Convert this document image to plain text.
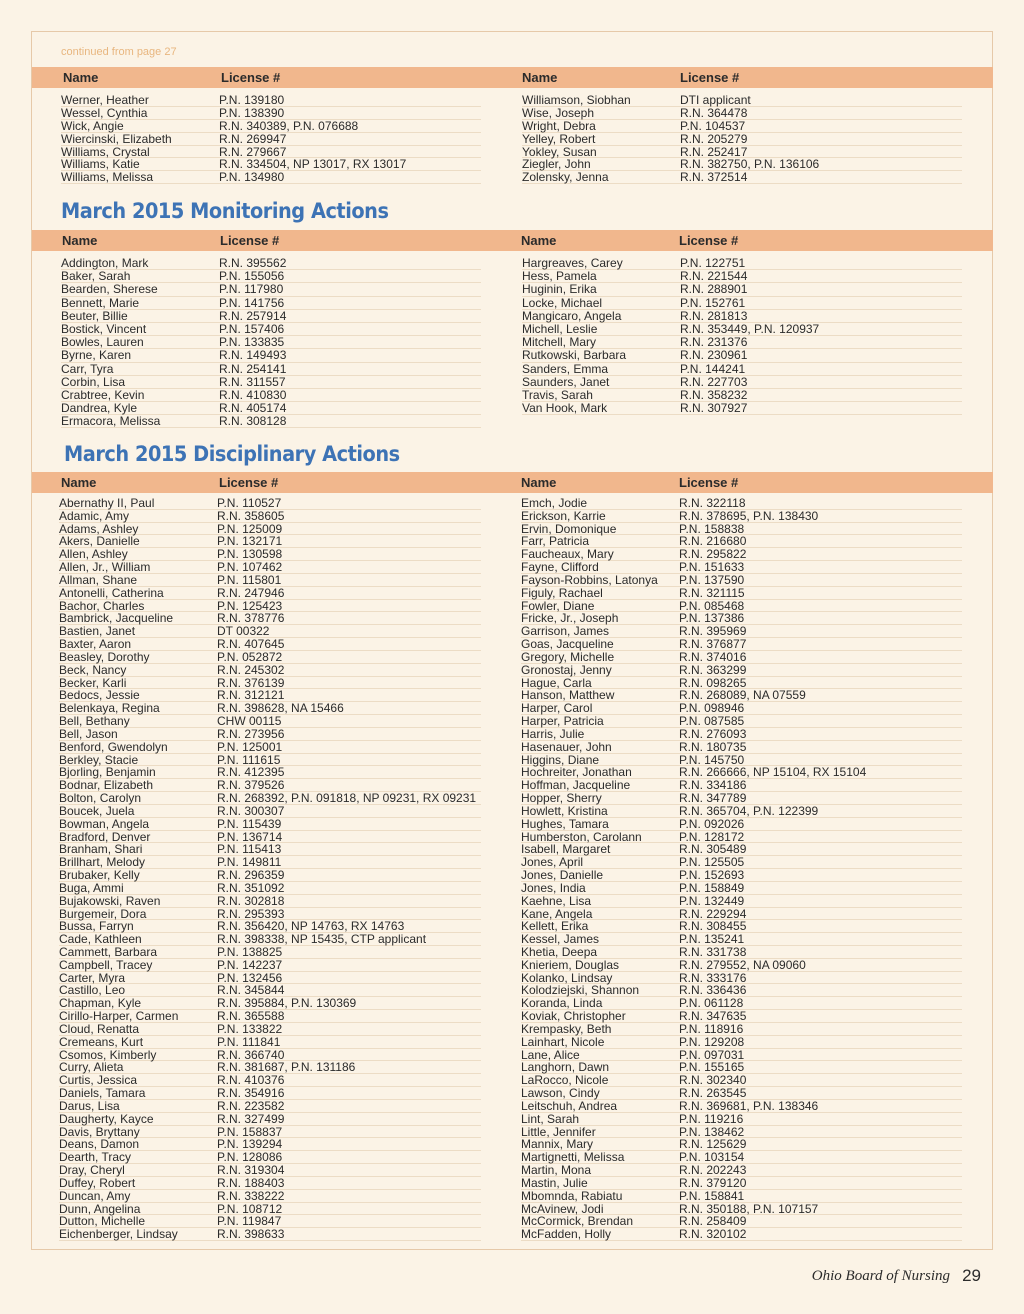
continued from page 27
Name	License #	Name	License #
Werner, Heather	P.N. 139180
Wessel, Cynthia	P.N. 138390
Wick, Angie	R.N. 340389, P.N. 076688
Wiercinski, Elizabeth	R.N. 269947
Williams, Crystal	R.N. 279667
Williams, Katie	R.N. 334504, NP 13017, RX 13017
Williams, Melissa	P.N. 134980
Williamson, Siobhan	DTI applicant
Wise, Joseph	R.N. 364478
Wright, Debra	P.N. 104537
Yelley, Robert	R.N. 205279
Yokley, Susan	R.N. 252417
Ziegler, John	R.N. 382750, P.N. 136106
Zolensky, Jenna	R.N. 372514
March 2015 Monitoring Actions
Name	License #	Name	License #
Addington, Mark	R.N. 395562
Baker, Sarah	P.N. 155056
Bearden, Sherese	P.N. 117980
Bennett, Marie	P.N. 141756
Beuter, Billie	R.N. 257914
Bostick, Vincent	P.N. 157406
Bowles, Lauren	P.N. 133835
Byrne, Karen	R.N. 149493
Carr, Tyra	R.N. 254141
Corbin, Lisa	R.N. 311557
Crabtree, Kevin	R.N. 410830
Dandrea, Kyle	R.N. 405174
Ermacora, Melissa	R.N. 308128
Hargreaves, Carey	P.N. 122751
Hess, Pamela	R.N. 221544
Huginin, Erika	R.N. 288901
Locke, Michael	P.N. 152761
Mangicaro, Angela	R.N. 281813
Michell, Leslie	R.N. 353449, P.N. 120937
Mitchell, Mary	R.N. 231376
Rutkowski, Barbara	R.N. 230961
Sanders, Emma	P.N. 144241
Saunders, Janet	R.N. 227703
Travis, Sarah	R.N. 358232
Van Hook, Mark	R.N. 307927
March 2015 Disciplinary Actions
Name	License #	Name	License #
Abernathy II, Paul	P.N. 110527
Adamic, Amy	R.N. 358605
Adams, Ashley	P.N. 125009
Akers, Danielle	P.N. 132171
Allen, Ashley	P.N. 130598
Allen, Jr., William	P.N. 107462
Allman, Shane	P.N. 115801
Antonelli, Catherina	R.N. 247946
Bachor, Charles	P.N. 125423
Bambrick, Jacqueline	R.N. 378776
Bastien, Janet	DT 00322
Baxter, Aaron	R.N. 407645
Beasley, Dorothy	P.N. 052872
Beck, Nancy	R.N. 245302
Becker, Karli	R.N. 376139
Bedocs, Jessie	R.N. 312121
Belenkaya, Regina	R.N. 398628, NA 15466
Bell, Bethany	CHW 00115
Bell, Jason	R.N. 273956
Benford, Gwendolyn	P.N. 125001
Berkley, Stacie	P.N. 111615
Bjorling, Benjamin	R.N. 412395
Bodnar, Elizabeth	R.N. 379526
Bolton, Carolyn	R.N. 268392, P.N. 091818, NP 09231, RX 09231
Boucek, Juela	R.N. 300307
Bowman, Angela	P.N. 115439
Bradford, Denver	P.N. 136714
Branham, Shari	P.N. 115413
Brillhart, Melody	P.N. 149811
Brubaker, Kelly	R.N. 296359
Buga, Ammi	R.N. 351092
Bujakowski, Raven	R.N. 302818
Burgemeir, Dora	R.N. 295393
Bussa, Farryn	R.N. 356420, NP 14763, RX 14763
Cade, Kathleen	R.N. 398338, NP 15435, CTP applicant
Cammett, Barbara	P.N. 138825
Campbell, Tracey	P.N. 142237
Carter, Myra	P.N. 132456
Castillo, Leo	R.N. 345844
Chapman, Kyle	R.N. 395884, P.N. 130369
Cirillo-Harper, Carmen	R.N. 365588
Cloud, Renatta	P.N. 133822
Cremeans, Kurt	P.N. 111841
Csomos, Kimberly	R.N. 366740
Curry, Alieta	R.N. 381687, P.N. 131186
Curtis, Jessica	R.N. 410376
Daniels, Tamara	R.N. 354916
Darus, Lisa	R.N. 223582
Daugherty, Kayce	R.N. 327499
Davis, Bryttany	P.N. 158837
Deans, Damon	P.N. 139294
Dearth, Tracy	P.N. 128086
Dray, Cheryl	R.N. 319304
Duffey, Robert	R.N. 188403
Duncan, Amy	R.N. 338222
Dunn, Angelina	P.N. 108712
Dutton, Michelle	P.N. 119847
Eichenberger, Lindsay	R.N. 398633
Emch, Jodie	R.N. 322118
Erickson, Karrie	R.N. 378695, P.N. 138430
Ervin, Domonique	P.N. 158838
Farr, Patricia	R.N. 216680
Faucheaux, Mary	R.N. 295822
Fayne, Clifford	P.N. 151633
Fayson-Robbins, Latonya P.N. 137590
Figuly, Rachael	R.N. 321115
Fowler, Diane	P.N. 085468
Fricke, Jr., Joseph	P.N. 137386
Garrison, James	R.N. 395969
Goas, Jacqueline	R.N. 376877
Gregory, Michelle	R.N. 374016
Gronostaj, Jenny	R.N. 363299
Hague, Carla	R.N. 098265
Hanson, Matthew	R.N. 268089, NA 07559
Harper, Carol	P.N. 098946
Harper, Patricia	P.N. 087585
Harris, Julie	R.N. 276093
Hasenauer, John	R.N. 180735
Higgins, Diane	P.N. 145750
Hochreiter, Jonathan	R.N. 266666, NP 15104, RX 15104
Hoffman, Jacqueline	R.N. 334186
Hopper, Sherry	R.N. 347789
Howlett, Kristina	R.N. 365704, P.N. 122399
Hughes, Tamara	P.N. 092026
Humberston, Carolann	P.N. 128172
Isabell, Margaret	R.N. 305489
Jones, April	P.N. 125505
Jones, Danielle	P.N. 152693
Jones, India	P.N. 158849
Kaehne, Lisa	P.N. 132449
Kane, Angela	R.N. 229294
Kellett, Erika	R.N. 308455
Kessel, James	P.N. 135241
Khetia, Deepa	R.N. 331738
Knieriem, Douglas	R.N. 279552, NA 09060
Kolanko, Lindsay	R.N. 333176
Kolodziejski, Shannon	R.N. 336436
Koranda, Linda	P.N. 061128
Koviak, Christopher	R.N. 347635
Krempasky, Beth	P.N. 118916
Lainhart, Nicole	P.N. 129208
Lane, Alice	P.N. 097031
Langhorn, Dawn	P.N. 155165
LaRocco, Nicole	R.N. 302340
Lawson, Cindy	R.N. 263545
Leitschuh, Andrea	R.N. 369681, P.N. 138346
Lint, Sarah	P.N. 119216
Little, Jennifer	P.N. 138462
Mannix, Mary	R.N. 125629
Martignetti, Melissa	P.N. 103154
Martin, Mona	R.N. 202243
Mastin, Julie	R.N. 379120
Mbomnda, Rabiatu	P.N. 158841
McAvinew, Jodi	R.N. 350188, P.N. 107157
McCormick, Brendan	R.N. 258409
McFadden, Holly	R.N. 320102
Ohio Board of Nursing 29
